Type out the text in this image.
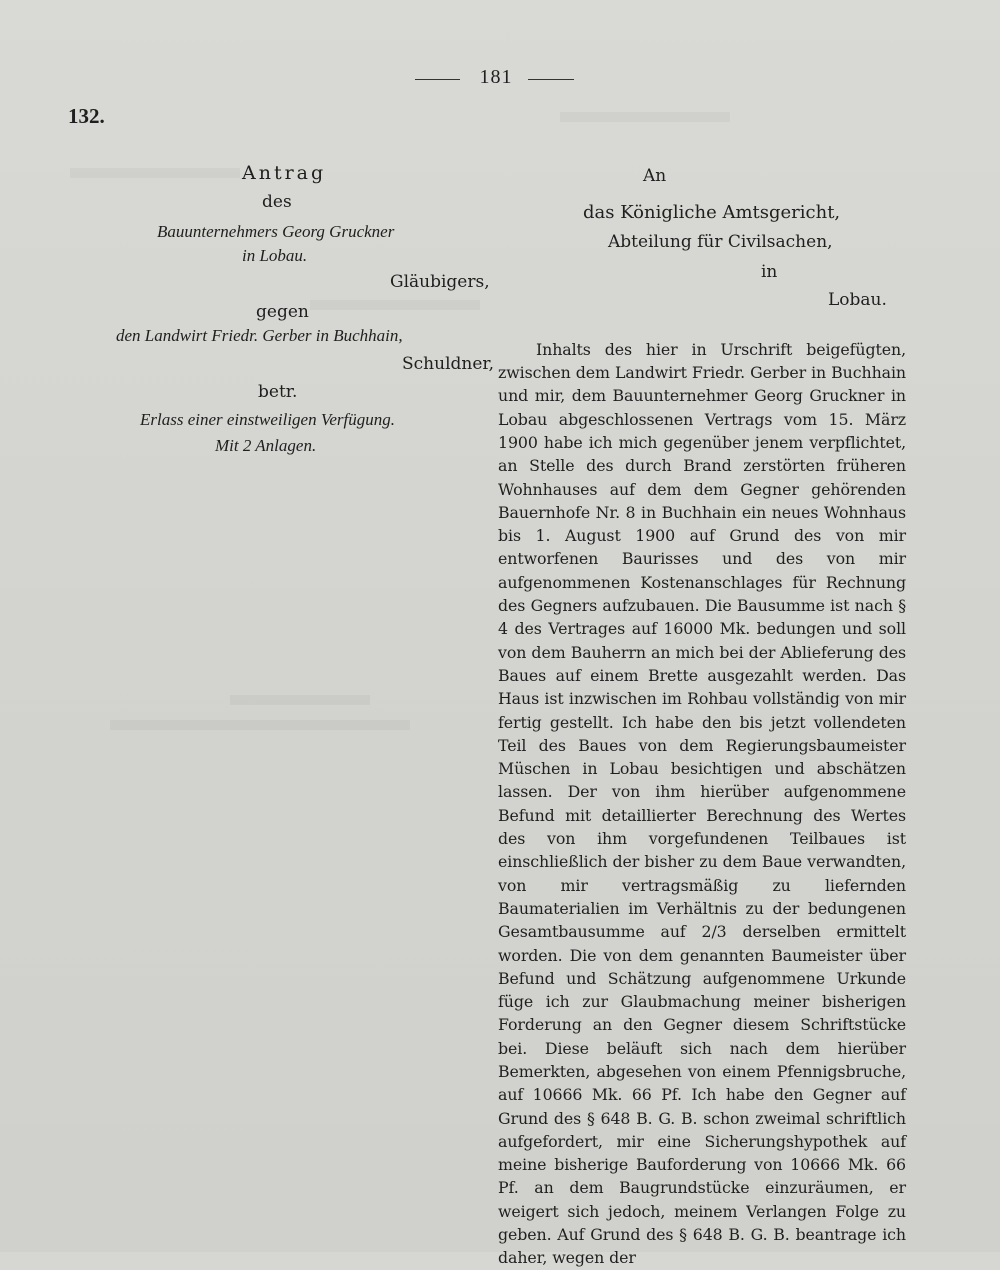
181
132.
Antrag
des
Bauunternehmers Georg Gruckner
in Lobau.
Gläubigers,
gegen
den Landwirt Friedr. Gerber in Buchhain,
Schuldner,
betr.
Erlass einer einstweiligen Verfügung.
Mit 2 Anlagen.
An
das Königliche Amtsgericht,
Abteilung für Civilsachen,
in
Lobau.

Inhalts des hier in Urschrift beigefügten, zwischen dem Landwirt Friedr. Gerber in Buchhain und mir, dem Bauunternehmer Georg Gruckner in Lobau abgeschlossenen Vertrags vom 15. März 1900 habe ich mich gegenüber jenem verpflichtet, an Stelle des durch Brand zerstörten früheren Wohnhauses auf dem dem Gegner gehörenden Bauernhofe Nr. 8 in Buchhain ein neues Wohnhaus bis 1. August 1900 auf Grund des von mir entworfenen Baurisses und des von mir aufgenommenen Kostenanschlages für Rechnung des Gegners aufzubauen. Die Bausumme ist nach § 4 des Vertrages auf 16000 Mk. bedungen und soll von dem Bauherrn an mich bei der Ablieferung des Baues auf einem Brette ausgezahlt werden. Das Haus ist inzwischen im Rohbau vollständig von mir fertig gestellt. Ich habe den bis jetzt vollendeten Teil des Baues von dem Regierungsbaumeister Müschen in Lobau besichtigen und abschätzen lassen. Der von ihm hierüber aufgenommene Befund mit detaillierter Berechnung des Wertes des von ihm vorgefundenen Teilbaues ist einschließlich der bisher zu dem Baue verwandten, von mir vertragsmäßig zu liefernden Baumaterialien im Verhältnis zu der bedungenen Gesamtbausumme auf 2/3 derselben ermittelt worden. Die von dem genannten Baumeister über Befund und Schätzung aufgenommene Urkunde füge ich zur Glaubmachung meiner bisherigen Forderung an den Gegner diesem Schriftstücke bei. Diese beläuft sich nach dem hierüber Bemerkten, abgesehen von einem Pfennigsbruche, auf 10666 Mk. 66 Pf. Ich habe den Gegner auf Grund des § 648 B. G. B. schon zweimal schriftlich aufgefordert, mir eine Sicherungshypothek auf meine bisherige Bauforderung von 10666 Mk. 66 Pf. an dem Baugrundstücke einzuräumen, er weigert sich jedoch, meinem Verlangen Folge zu geben. Auf Grund des § 648 B. G. B. beantrage ich daher, wegen der
